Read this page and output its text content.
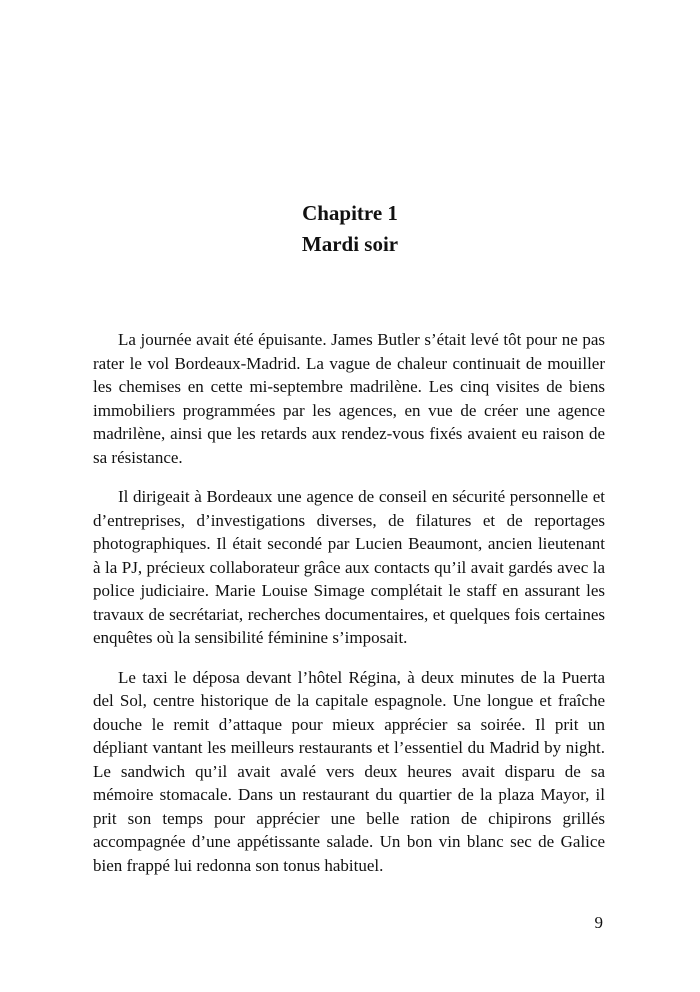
Chapitre 1
Mardi soir

La journée avait été épuisante. James Butler s’était levé tôt pour ne pas rater le vol Bordeaux-Madrid. La vague de chaleur continuait de mouiller les chemises en cette mi-septembre madrilène. Les cinq visites de biens immobiliers programmées par les agences, en vue de créer une agence madrilène, ainsi que les retards aux rendez-vous fixés avaient eu raison de sa résistance.

Il dirigeait à Bordeaux une agence de conseil en sécurité personnelle et d’entreprises, d’investigations diverses, de filatures et de reportages photographiques. Il était secondé par Lucien Beaumont, ancien lieutenant à la PJ, précieux collaborateur grâce aux contacts qu’il avait gardés avec la police judiciaire. Marie Louise Simage complétait le staff en assurant les travaux de secrétariat, recherches documentaires, et quelques fois certaines enquêtes où la sensibilité féminine s’imposait.

Le taxi le déposa devant l’hôtel Régina, à deux minutes de la Puerta del Sol, centre historique de la capitale espagnole. Une longue et fraîche douche le remit d’attaque pour mieux apprécier sa soirée. Il prit un dépliant vantant les meilleurs restaurants et l’essentiel du Madrid by night. Le sandwich qu’il avait avalé vers deux heures avait disparu de sa mémoire stomacale. Dans un restaurant du quartier de la plaza Mayor, il prit son temps pour apprécier une belle ration de chipirons grillés accompagnée d’une appétissante salade. Un bon vin blanc sec de Galice bien frappé lui redonna son tonus habituel.

9
